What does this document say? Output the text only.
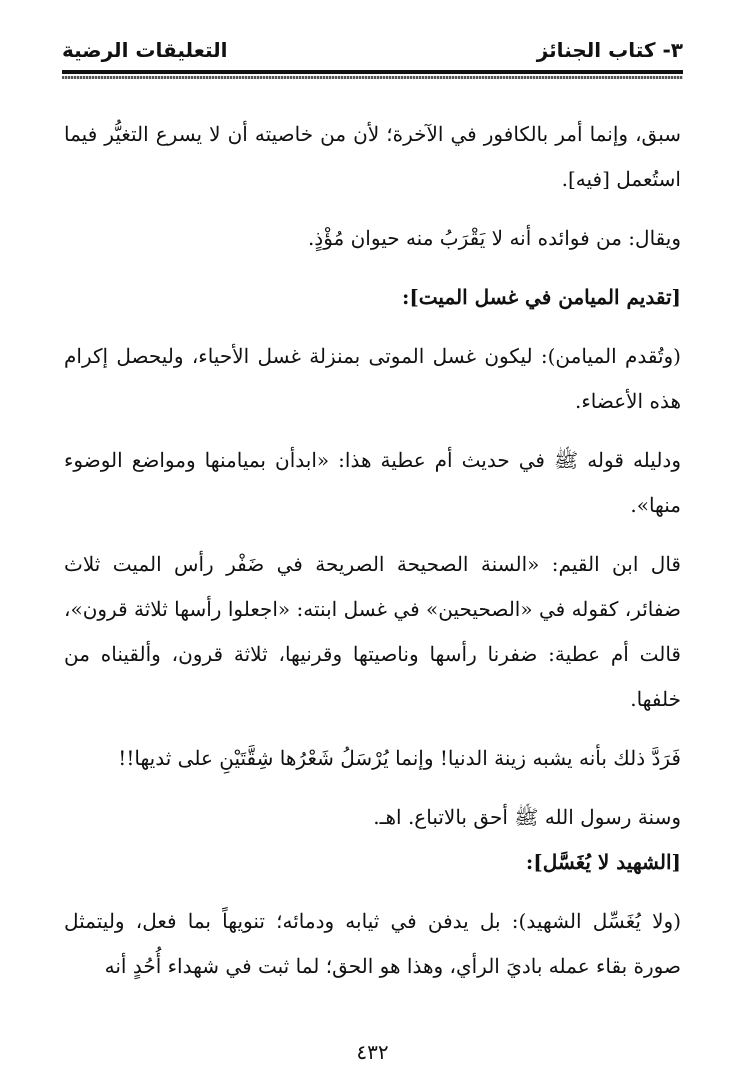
٣- كتاب الجنائز
التعليقات الرضية

سبق، وإنما أمر بالكافور في الآخرة؛ لأن من خاصيته أن لا يسرع التغيُّر فيما استُعمل [فيه].

ويقال: من فوائده أنه لا يَقْرَبُ منه حيوان مُؤْذٍ.

[تقديم الميامن في غسل الميت]:

(وتُقدم الميامن): ليكون غسل الموتى بمنزلة غسل الأحياء، وليحصل إكرام هذه الأعضاء.

ودليله قوله ﷺ في حديث أم عطية هذا: «ابدأن بميامنها ومواضع الوضوء منها».

قال ابن القيم: «السنة الصحيحة الصريحة في ضَفْر رأس الميت ثلاث ضفائر، كقوله في «الصحيحين» في غسل ابنته: «اجعلوا رأسها ثلاثة قرون»، قالت أم عطية: ضفرنا رأسها وناصيتها وقرنيها، ثلاثة قرون، وألقيناه من خلفها.

فَرَدَّ ذلك بأنه يشبه زينة الدنيا! وإنما يُرْسَلُ شَعْرُها شِقَّتَيْنِ على ثديها!!

وسنة رسول الله ﷺ أحق بالاتباع. اهـ.

[الشهيد لا يُغَسَّل]:

(ولا يُغَسِّل الشهيد): بل يدفن في ثيابه ودمائه؛ تنويهاً بما فعل، وليتمثل صورة بقاء عمله باديَ الرأي، وهذا هو الحق؛ لما ثبت في شهداء أُحُدٍ أنه

٤٣٢
